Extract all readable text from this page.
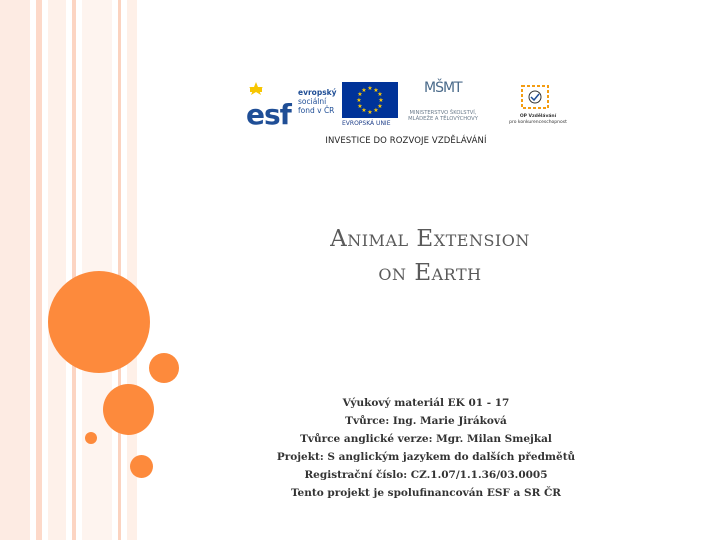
esf
evropský
sociální
fond v ČR
★ ★
★
★
★
★
★
★
★
★
★
★
EVROPSKÁ UNIE
MŠMT
MINISTERSTVO ŠKOLSTVÍ,
MLÁDEŽE A TĚLOVÝCHOVY	OP Vzdělávání
pro konkurenceschopnost
INVESTICE DO ROZVOJE VZDĚLÁVÁNÍ
Animal Extension
on Earth
Výukový materiál EK 01 - 17
Tvůrce: Ing. Marie Jiráková
Tvůrce anglické verze: Mgr. Milan Smejkal
Projekt: S anglickým jazykem do dalších předmětů
Registrační číslo: CZ.1.07/1.1.36/03.0005
Tento projekt je spolufinancován ESF a SR ČR
